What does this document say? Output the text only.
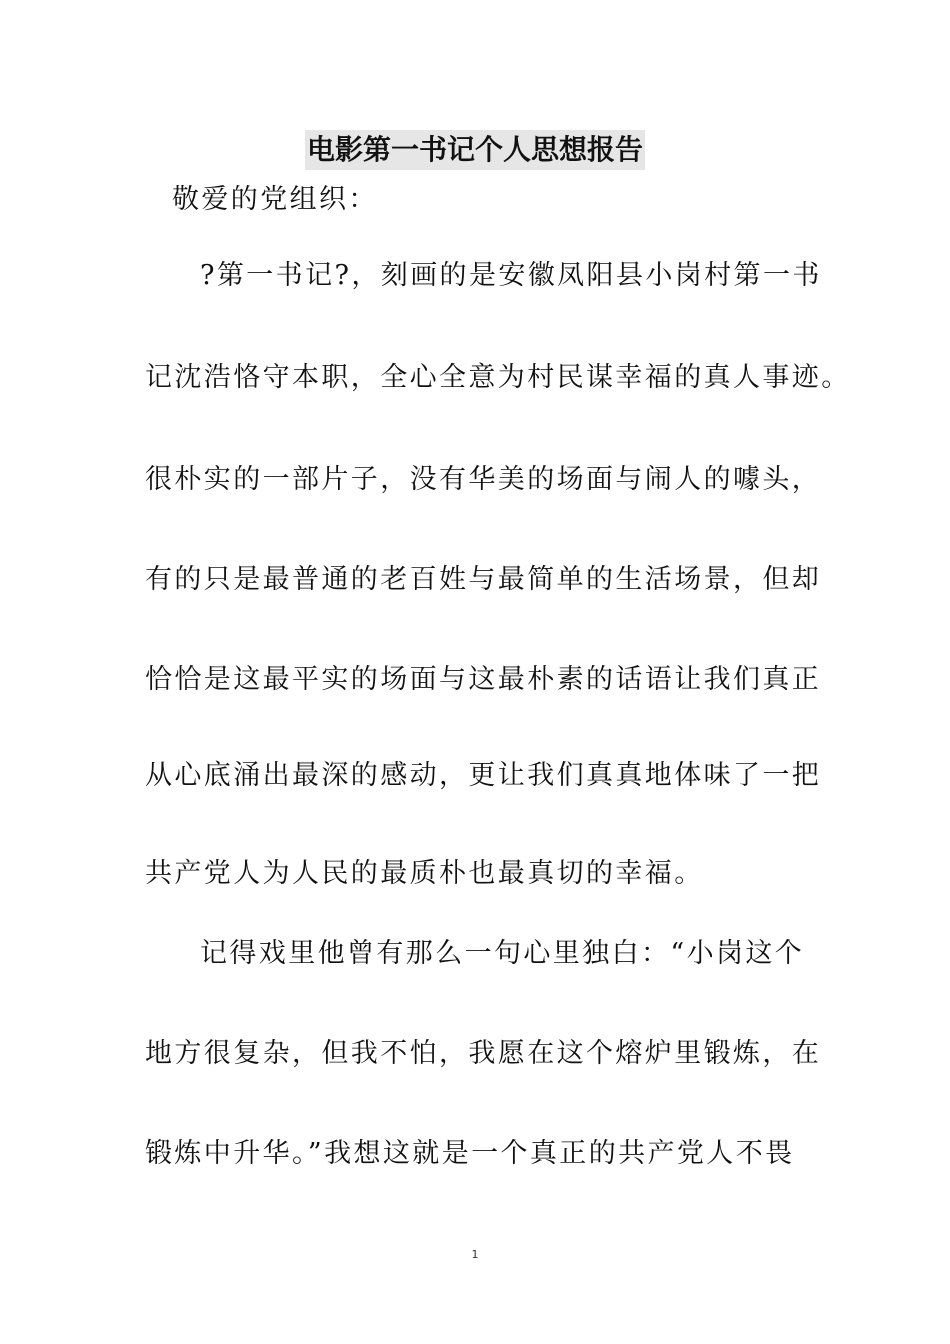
电影第一书记个人思想报告
敬爱的党组织：
?第一书记?，刻画的是安徽凤阳县小岗村第一书
记沈浩恪守本职，全心全意为村民谋幸福的真人事迹。
很朴实的一部片子，没有华美的场面与闹人的噱头，
有的只是最普通的老百姓与最简单的生活场景，但却
恰恰是这最平实的场面与这最朴素的话语让我们真正
从心底涌出最深的感动，更让我们真真地体味了一把
共产党人为人民的最质朴也最真切的幸福。
记得戏里他曾有那么一句心里独白：“小岗这个
地方很复杂，但我不怕，我愿在这个熔炉里锻炼，在
锻炼中升华。”我想这就是一个真正的共产党人不畏
1
